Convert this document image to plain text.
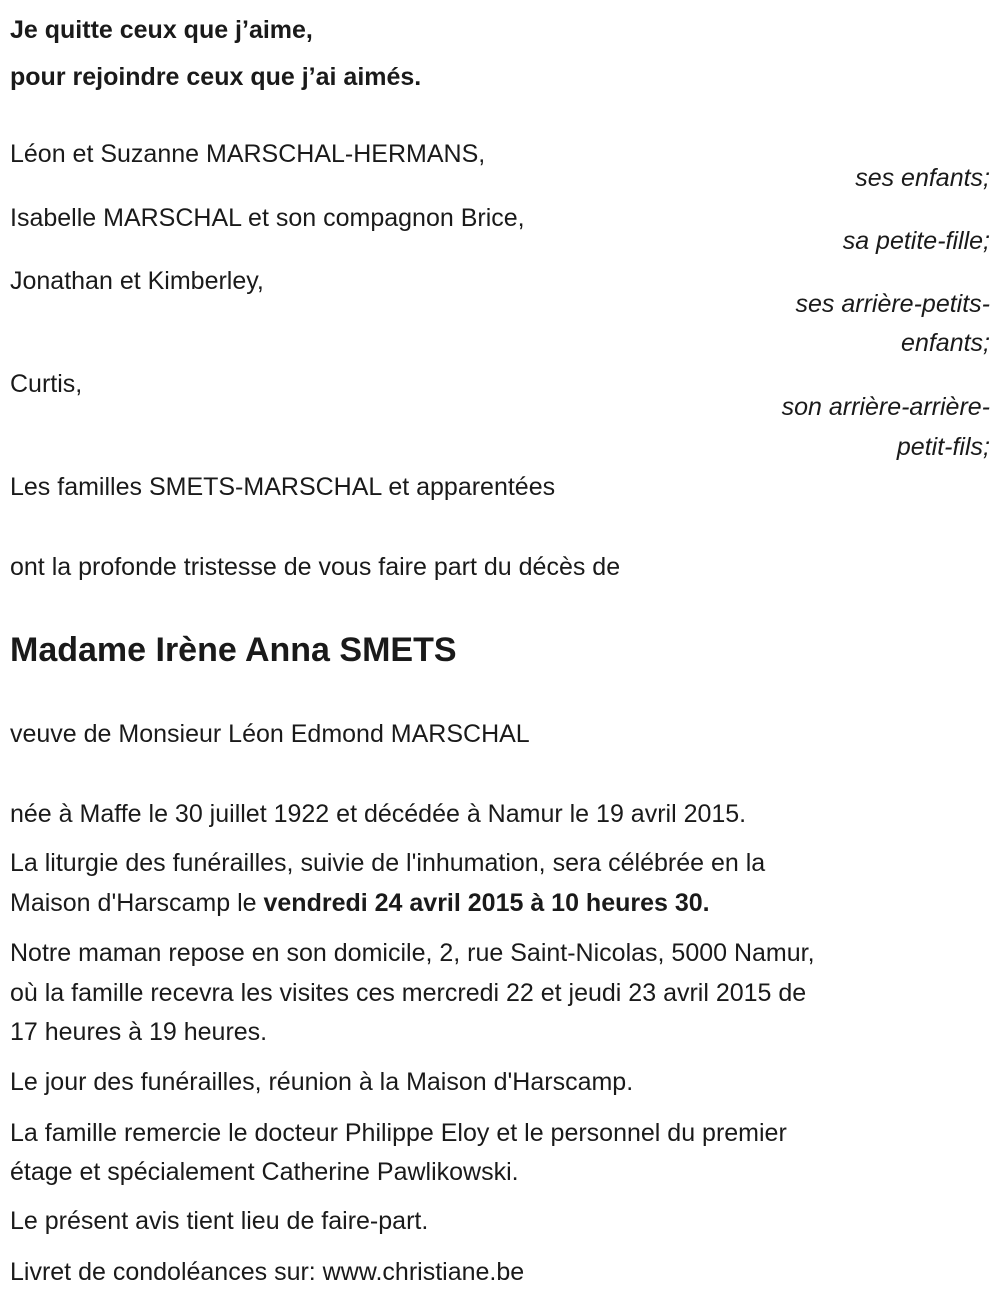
Je quitte ceux que j’aime,
pour rejoindre ceux que j’ai aimés.
Léon et Suzanne MARSCHAL-HERMANS,
ses enfants;
Isabelle MARSCHAL et son compagnon Brice,
sa petite-fille;
Jonathan et Kimberley,
ses arrière-petits-
enfants;
Curtis,
son arrière-arrière-
petit-fils;
Les familles SMETS-MARSCHAL et apparentées
ont la profonde tristesse de vous faire part du décès de
Madame Irène Anna SMETS
veuve de Monsieur Léon Edmond MARSCHAL
née à Maffe le 30 juillet 1922 et décédée à Namur le 19 avril 2015.
La liturgie des funérailles, suivie de l'inhumation, sera célébrée en la
Maison d'Harscamp le vendredi 24 avril 2015 à 10 heures 30.
Notre maman repose en son domicile, 2, rue Saint-Nicolas, 5000 Namur,
où la famille recevra les visites ces mercredi 22 et jeudi 23 avril 2015 de
17 heures à 19 heures.
Le jour des funérailles, réunion à la Maison d'Harscamp.
La famille remercie le docteur Philippe Eloy et le personnel du premier
étage et spécialement Catherine Pawlikowski.
Le présent avis tient lieu de faire-part.
Livret de condoléances sur: www.christiane.be
